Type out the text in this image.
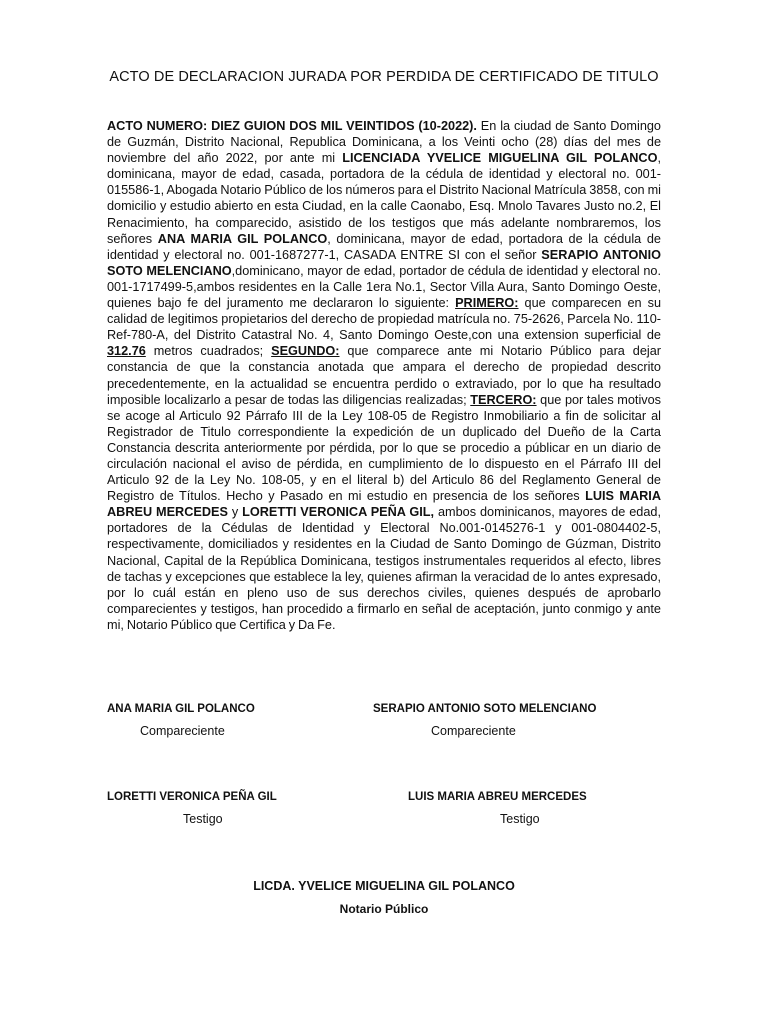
ACTO DE DECLARACION JURADA POR PERDIDA DE CERTIFICADO DE TITULO
ACTO NUMERO: DIEZ GUION DOS MIL VEINTIDOS (10-2022). En la ciudad de Santo Domingo de Guzmán, Distrito Nacional, Republica Dominicana, a los Veinti ocho (28) días del mes de noviembre del año 2022, por ante mi LICENCIADA YVELICE MIGUELINA GIL POLANCO, dominicana, mayor de edad, casada, portadora de la cédula de identidad y electoral no. 001-015586-1, Abogada Notario Público de los números para el Distrito Nacional Matrícula 3858, con mi domicilio y estudio abierto en esta Ciudad, en la calle Caonabo, Esq. Mnolo Tavares Justo no.2, El Renacimiento, ha comparecido, asistido de los testigos que más adelante nombraremos, los señores ANA MARIA GIL POLANCO, dominicana, mayor de edad, portadora de la cédula de identidad y electoral no. 001-1687277-1, CASADA ENTRE SI con el señor SERAPIO ANTONIO SOTO MELENCIANO,dominicano, mayor de edad, portador de cédula de identidad y electoral no. 001-1717499-5,ambos residentes en la Calle 1era No.1, Sector Villa Aura, Santo Domingo Oeste, quienes bajo fe del juramento me declararon lo siguiente: PRIMERO: que comparecen en su calidad de legitimos propietarios del derecho de propiedad matrícula no. 75-2626, Parcela No. 110-Ref-780-A, del Distrito Catastral No. 4, Santo Domingo Oeste,con una extension superficial de 312.76 metros cuadrados; SEGUNDO: que comparece ante mi Notario Público para dejar constancia de que la constancia anotada que ampara el derecho de propiedad descrito precedentemente, en la actualidad se encuentra perdido o extraviado, por lo que ha resultado imposible localizarlo a pesar de todas las diligencias realizadas; TERCERO: que por tales motivos se acoge al Articulo 92 Párrafo III de la Ley 108-05 de Registro Inmobiliario a fin de solicitar al Registrador de Titulo correspondiente la expedición de un duplicado del Dueño de la Carta Constancia descrita anteriormente por pérdida, por lo que se procedio a públicar en un diario de circulación nacional el aviso de pérdida, en cumplimiento de lo dispuesto en el Párrafo III del Articulo 92 de la Ley No. 108-05, y en el literal b) del Articulo 86 del Reglamento General de Registro de Títulos. Hecho y Pasado en mi estudio en presencia de los señores LUIS MARIA ABREU MERCEDES y LORETTI VERONICA PEÑA GIL, ambos dominicanos, mayores de edad, portadores de la Cédulas de Identidad y Electoral No.001-0145276-1 y 001-0804402-5, respectivamente, domiciliados y residentes en la Ciudad de Santo Domingo de Gúzman, Distrito Nacional, Capital de la República Dominicana, testigos instrumentales requeridos al efecto, libres de tachas y excepciones que establece la ley, quienes afirman la veracidad de lo antes expresado, por lo cuál están en pleno uso de sus derechos civiles, quienes después de aprobarlo comparecientes y testigos, han procedido a firmarlo en señal de aceptación, junto conmigo y ante mi, Notario Público que Certifica y Da Fe.
ANA MARIA GIL POLANCO
Compareciente
SERAPIO ANTONIO SOTO MELENCIANO
Compareciente
LORETTI VERONICA PEÑA GIL
Testigo
LUIS MARIA ABREU MERCEDES
Testigo
LICDA. YVELICE MIGUELINA GIL POLANCO
Notario Público
